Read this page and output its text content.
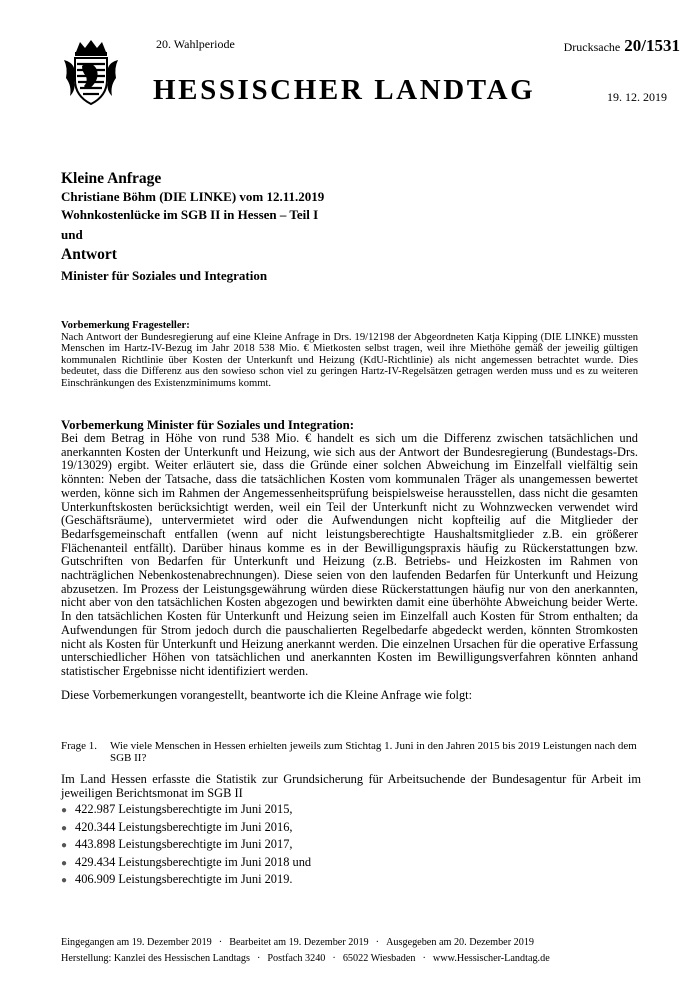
20. Wahlperiode	Drucksache 20/1531
HESSISCHER LANDTAG	19. 12. 2019
Kleine Anfrage
Christiane Böhm (DIE LINKE) vom 12.11.2019
Wohnkostenlücke im SGB II in Hessen – Teil I
und
Antwort
Minister für Soziales und Integration
Vorbemerkung Fragesteller:
Nach Antwort der Bundesregierung auf eine Kleine Anfrage in Drs. 19/12198 der Abgeordneten Katja Kipping (DIE LINKE) mussten Menschen im Hartz-IV-Bezug im Jahr 2018 538 Mio. € Mietkosten selbst tragen, weil ihre Miethöhe gemäß der jeweilig gültigen kommunalen Richtlinie über Kosten der Unterkunft und Heizung (KdU-Richtlinie) als nicht angemessen betrachtet wurde. Dies bedeutet, dass die Differenz aus den sowieso schon viel zu geringen Hartz-IV-Regelsätzen getragen werden muss und es zu weiteren Einschränkungen des Existenzminimums kommt.
Vorbemerkung Minister für Soziales und Integration:
Bei dem Betrag in Höhe von rund 538 Mio. € handelt es sich um die Differenz zwischen tatsächlichen und anerkannten Kosten der Unterkunft und Heizung, wie sich aus der Antwort der Bundesregierung (Bundestags-Drs. 19/13029) ergibt. Weiter erläutert sie, dass die Gründe einer solchen Abweichung im Einzelfall vielfältig sein könnten: Neben der Tatsache, dass die tatsächlichen Kosten vom kommunalen Träger als unangemessen bewertet werden, könne sich im Rahmen der Angemessenheitsprüfung beispielsweise herausstellen, dass nicht die gesamten Unterkunftskosten berücksichtigt werden, weil ein Teil der Unterkunft nicht zu Wohnzwecken verwendet wird (Geschäftsräume), untervermietet wird oder die Aufwendungen nicht kopfteilig auf die Mitglieder der Bedarfsgemeinschaft entfallen (wenn auf nicht leistungsberechtigte Haushaltsmitglieder z.B. ein größerer Flächenanteil entfällt). Darüber hinaus komme es in der Bewilligungspraxis häufig zu Rückerstattungen bzw. Gutschriften von Bedarfen für Unterkunft und Heizung (z.B. Betriebs- und Heizkosten im Rahmen von nachträglichen Nebenkostenabrechnungen). Diese seien von den laufenden Bedarfen für Unterkunft und Heizung abzusetzen. Im Prozess der Leistungsgewährung würden diese Rückerstattungen häufig nur von den anerkannten, nicht aber von den tatsächlichen Kosten abgezogen und bewirkten damit eine überhöhte Abweichung beider Werte. In den tatsächlichen Kosten für Unterkunft und Heizung seien im Einzelfall auch Kosten für Strom enthalten; da Aufwendungen für Strom jedoch durch die pauschalierten Regelbedarfe abgedeckt werden, könnten Stromkosten nicht als Kosten für Unterkunft und Heizung anerkannt werden. Die einzelnen Ursachen für die operative Erfassung unterschiedlicher Höhen von tatsächlichen und anerkannten Kosten im Bewilligungsverfahren könnten anhand statistischer Ergebnisse nicht identifiziert werden.
Diese Vorbemerkungen vorangestellt, beantworte ich die Kleine Anfrage wie folgt:
Frage 1.	Wie viele Menschen in Hessen erhielten jeweils zum Stichtag 1. Juni in den Jahren 2015 bis 2019 Leistungen nach dem SGB II?
Im Land Hessen erfasste die Statistik zur Grundsicherung für Arbeitsuchende der Bundesagentur für Arbeit im jeweiligen Berichtsmonat im SGB II
● 422.987 Leistungsberechtigte im Juni 2015,
● 420.344 Leistungsberechtigte im Juni 2016,
● 443.898 Leistungsberechtigte im Juni 2017,
● 429.434 Leistungsberechtigte im Juni 2018 und
● 406.909 Leistungsberechtigte im Juni 2019.
Eingegangen am 19. Dezember 2019 · Bearbeitet am 19. Dezember 2019 · Ausgegeben am 20. Dezember 2019
Herstellung: Kanzlei des Hessischen Landtags · Postfach 3240 · 65022 Wiesbaden · www.Hessischer-Landtag.de
